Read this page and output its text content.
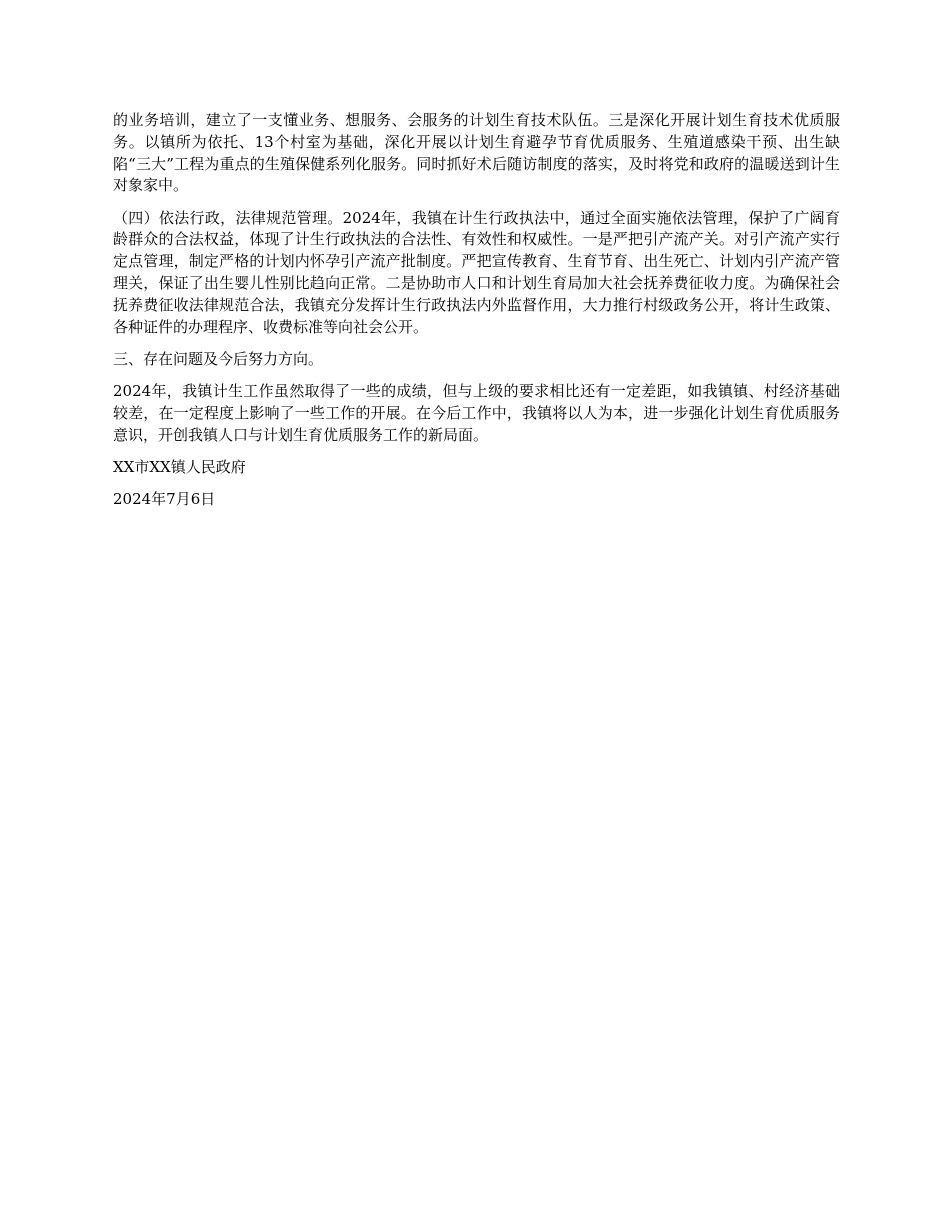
的业务培训，建立了一支懂业务、想服务、会服务的计划生育技术队伍。三是深化开展计划生育技术优质服务。以镇所为依托、13个村室为基础，深化开展以计划生育避孕节育优质服务、生殖道感染干预、出生缺陷“三大”工程为重点的生殖保健系列化服务。同时抓好术后随访制度的落实，及时将党和政府的温暖送到计生对象家中。

（四）依法行政，法律规范管理。2024年，我镇在计生行政执法中，通过全面实施依法管理，保护了广阔育龄群众的合法权益，体现了计生行政执法的合法性、有效性和权威性。一是严把引产流产关。对引产流产实行定点管理，制定严格的计划内怀孕引产流产批制度。严把宣传教育、生育节育、出生死亡、计划内引产流产管理关，保证了出生婴儿性别比趋向正常。二是协助市人口和计划生育局加大社会抚养费征收力度。为确保社会抚养费征收法律规范合法，我镇充分发挥计生行政执法内外监督作用，大力推行村级政务公开，将计生政策、各种证件的办理程序、收费标准等向社会公开。

三、存在问题及今后努力方向。

2024年，我镇计生工作虽然取得了一些的成绩，但与上级的要求相比还有一定差距，如我镇镇、村经济基础较差，在一定程度上影响了一些工作的开展。在今后工作中，我镇将以人为本，进一步强化计划生育优质服务意识，开创我镇人口与计划生育优质服务工作的新局面。

XX市XX镇人民政府

2024年7月6日
